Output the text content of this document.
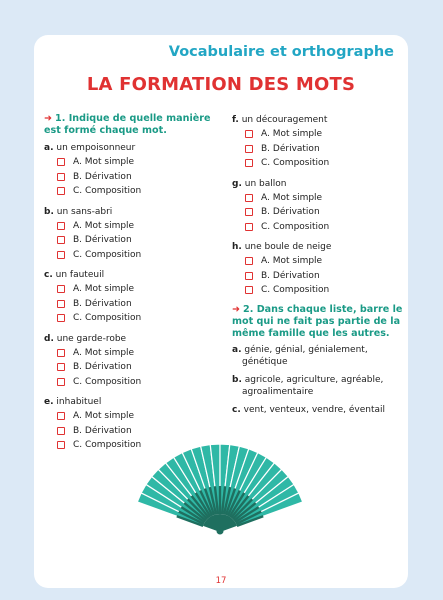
Vocabulaire et orthographe
LA FORMATION DES MOTS
➜ 1. Indique de quelle manière est formé chaque mot.
a. un empoisonneur
A. Mot simple
B. Dérivation
C. Composition
b. un sans-abri
A. Mot simple
B. Dérivation
C. Composition
c. un fauteuil
A. Mot simple
B. Dérivation
C. Composition
d. une garde-robe
A. Mot simple
B. Dérivation
C. Composition
e. inhabituel
A. Mot simple
B. Dérivation
C. Composition
f. un découragement
A. Mot simple
B. Dérivation
C. Composition
g. un ballon
A. Mot simple
B. Dérivation
C. Composition
h. une boule de neige
A. Mot simple
B. Dérivation
C. Composition
➜ 2. Dans chaque liste, barre le mot qui ne fait pas partie de la même famille que les autres.
a. génie, génial, génialement, génétique
b. agricole, agriculture, agréable, agroalimentaire
c. vent, venteux, vendre, éventail
17
